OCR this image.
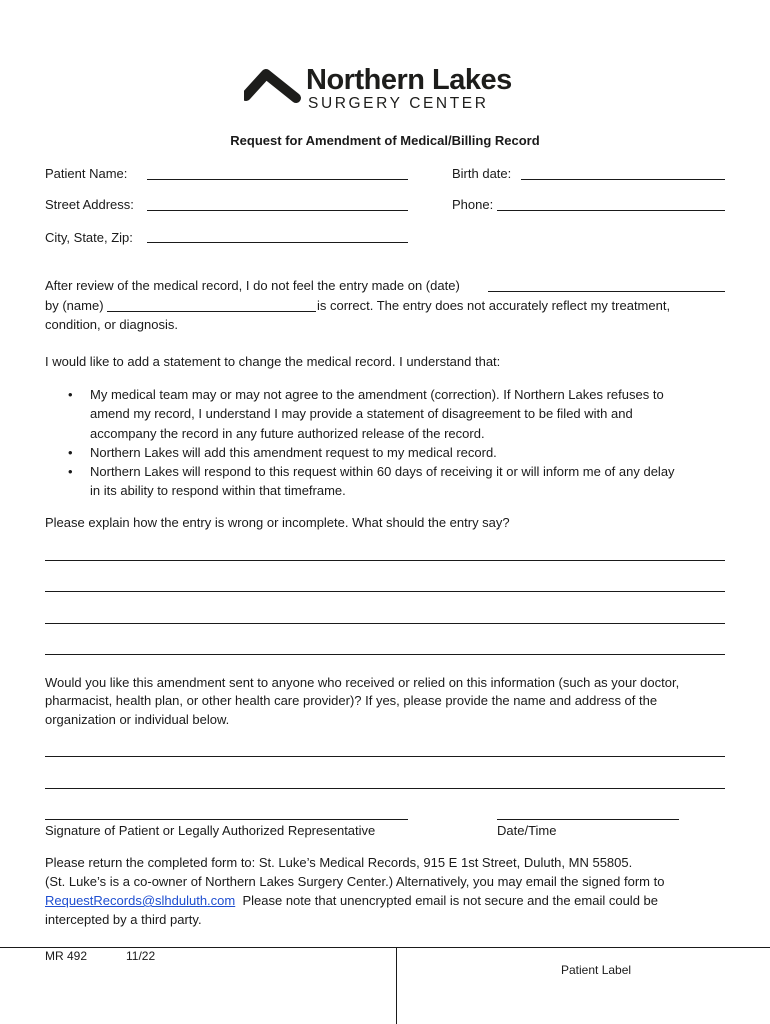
Northern Lakes
SURGERY CENTER
Request for Amendment of Medical/Billing Record
Patient Name:	Birth date:
Street Address:	Phone:
City, State, Zip:
After review of the medical record, I do not feel the entry made on (date)
by (name)	is correct. The entry does not accurately reflect my treatment,
condition, or diagnosis.
I would like to add a statement to change the medical record. I understand that:
• My medical team may or may not agree to the amendment (correction). If Northern Lakes refuses to
amend my record, I understand I may provide a statement of disagreement to be filed with and
accompany the record in any future authorized release of the record.
• Northern Lakes will add this amendment request to my medical record.
• Northern Lakes will respond to this request within 60 days of receiving it or will inform me of any delay
in its ability to respond within that timeframe.
Please explain how the entry is wrong or incomplete. What should the entry say?
Would you like this amendment sent to anyone who received or relied on this information (such as your doctor,
pharmacist, health plan, or other health care provider)? If yes, please provide the name and address of the
organization or individual below.
Signature of Patient or Legally Authorized Representative	Date/Time
Please return the completed form to: St. Luke’s Medical Records, 915 E 1st Street, Duluth, MN 55805.
(St. Luke’s is a co-owner of Northern Lakes Surgery Center.) Alternatively, you may email the signed form to
RequestRecords@slhduluth.com  Please note that unencrypted email is not secure and the email could be
intercepted by a third party.
MR 492	11/22
Patient Label
